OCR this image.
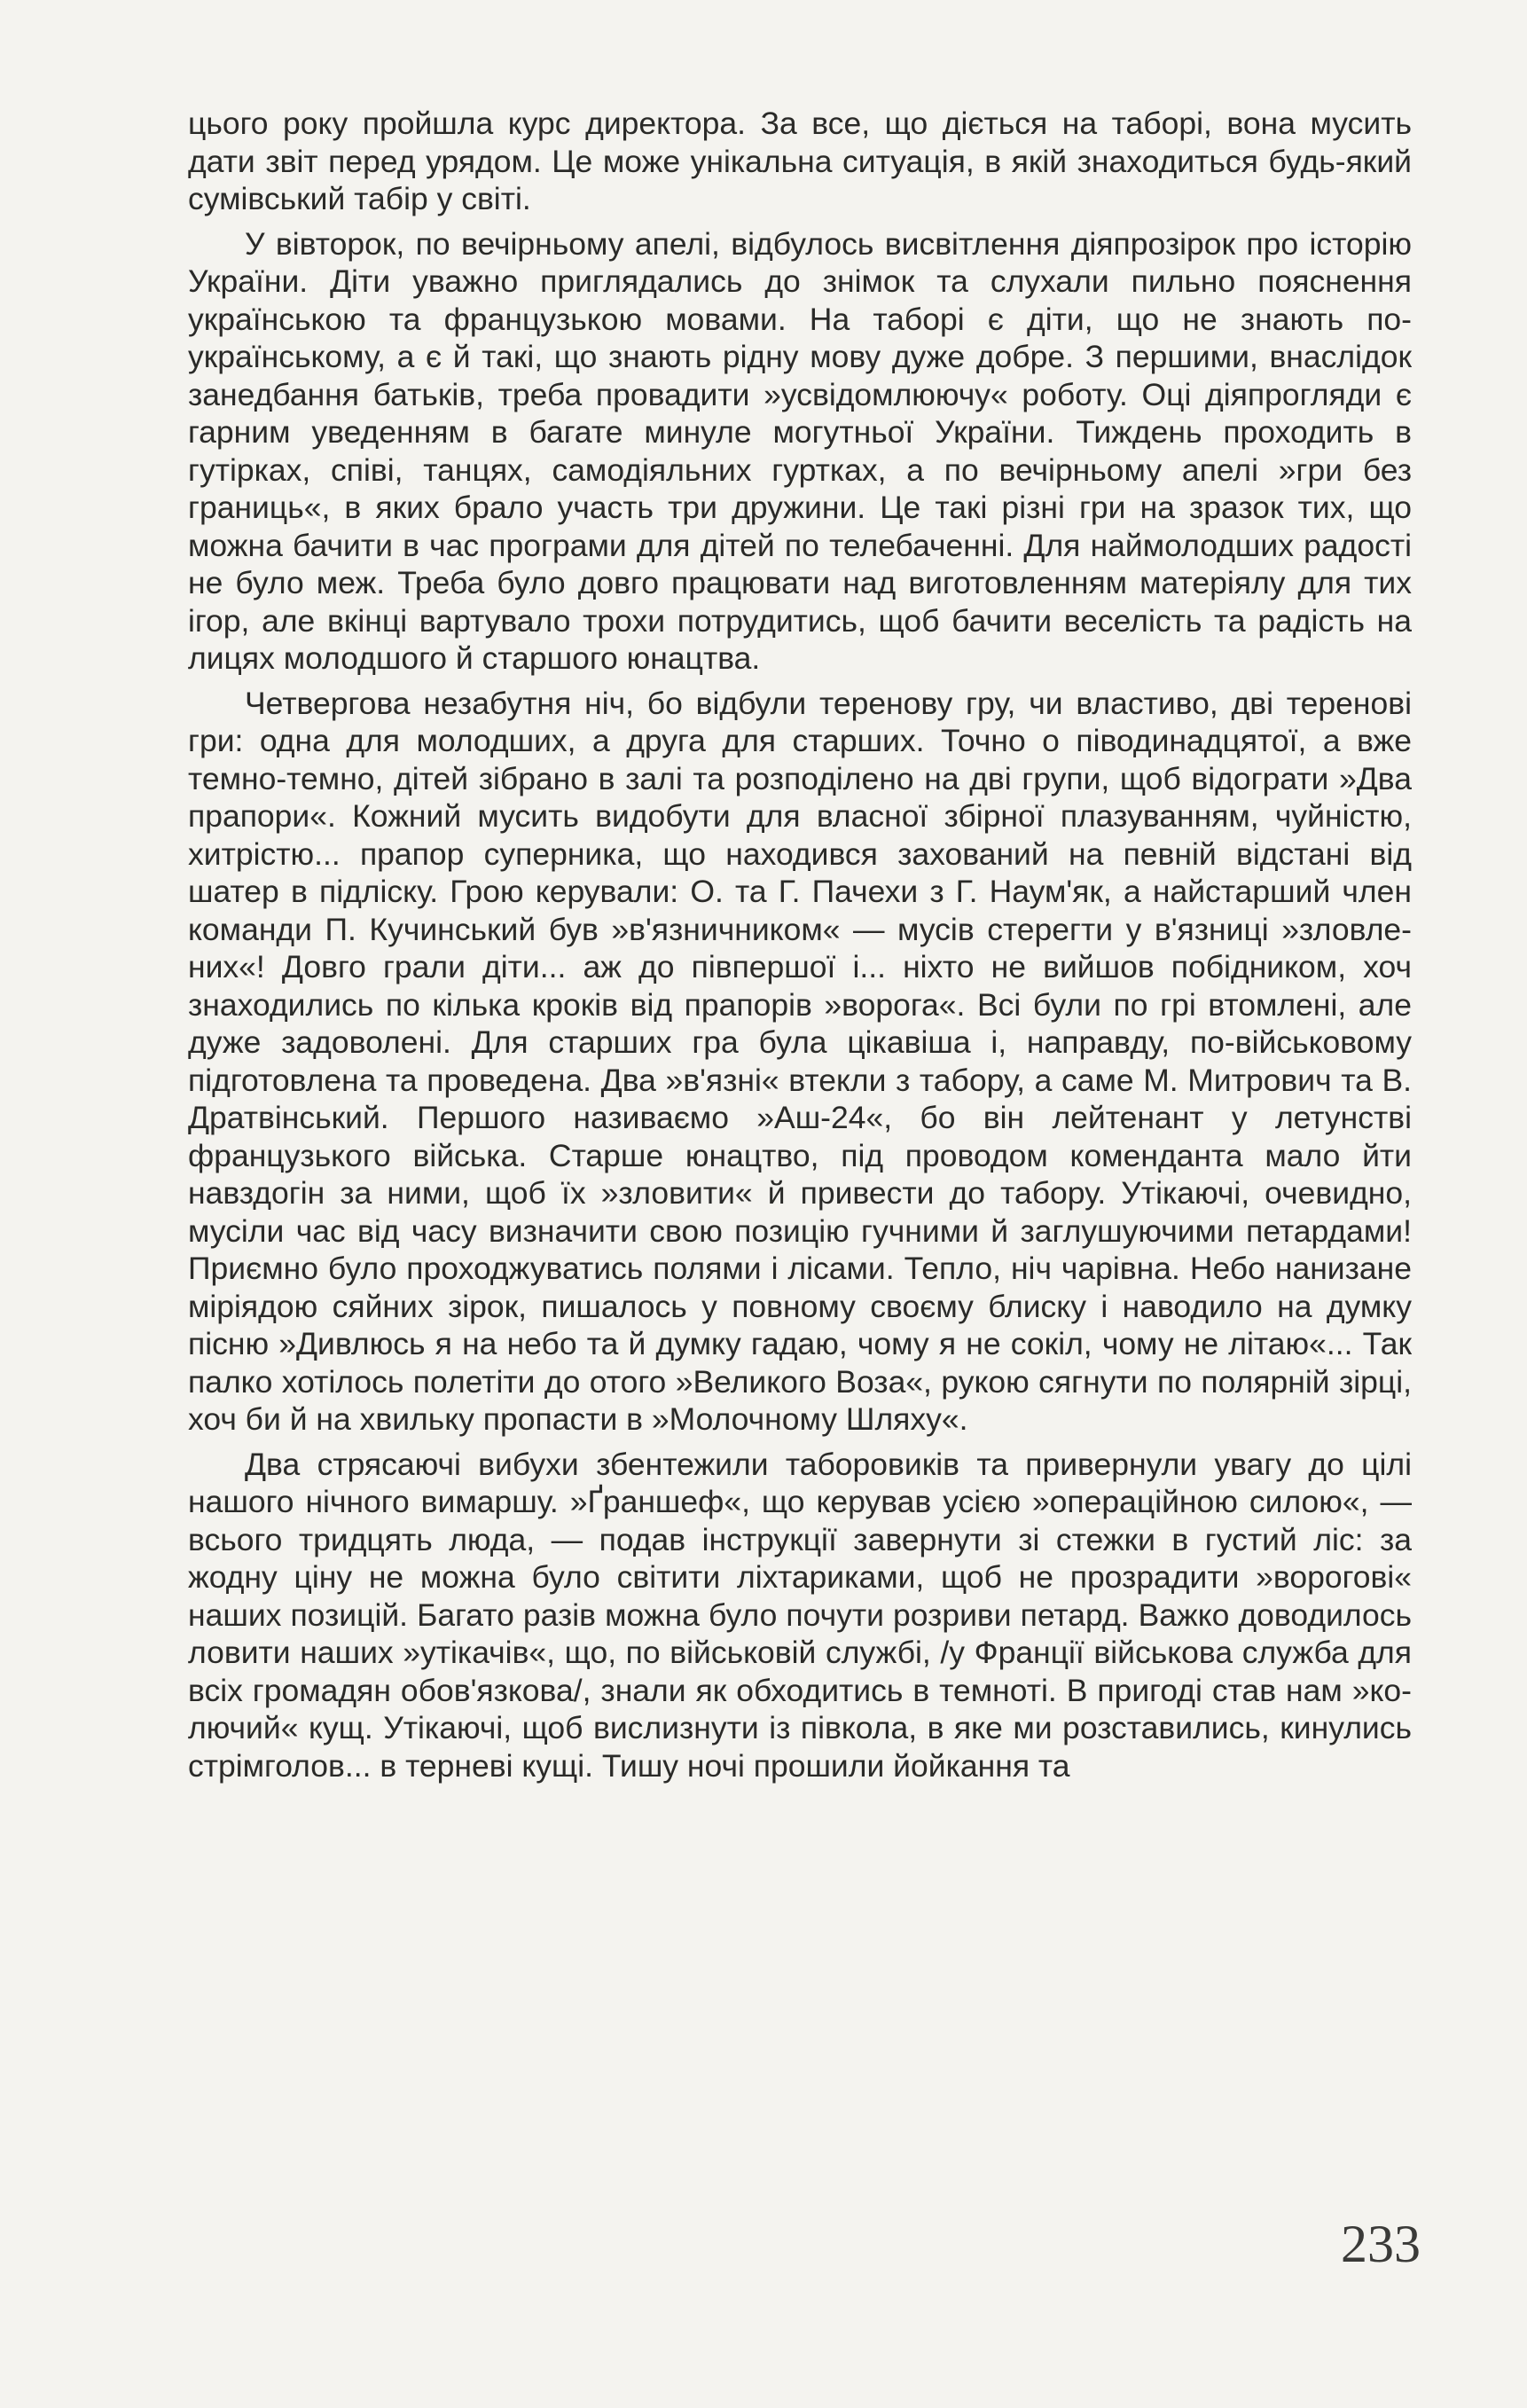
цього року пройшла курс директора. За все, що діється на таборі, вона мусить дати звіт перед урядом. Це може унікальна ситуація, в якій знаходиться будь-який сумівський табір у світі.

У вівторок, по вечірньому апелі, відбулось висвітлення діяпрозірок про історію України. Діти уважно приглядались до знімок та слухали пильно пояснення українською та французькою мовами. На таборі є діти, що не знають по-українському, а є й такі, що знають рідну мову дуже добре. З першими, внаслідок занедбання батьків, треба провадити »усвідомлюючу« роботу. Оці діяпрогляди є гарним уведенням в багате минуле могутньої України. Тиждень проходить в гутірках, співі, танцях, самодіяльних гуртках, а по вечірньому апелі »гри без границь«, в яких брало участь три дружини. Це такі різні гри на зразок тих, що можна бачити в час програми для дітей по телебаченні. Для наймолодших радості не було меж. Треба було довго працювати над виготовленням матеріялу для тих ігор, але вкінці вартувало трохи потрудитись, щоб бачити веселість та радість на лицях молодшого й старшого юнацтва.

Четвергова незабутня ніч, бо відбули теренову гру, чи властиво, дві теренові гри: одна для молодших, а друга для старших. Точно о піводинадцятої, а вже темно-темно, дітей зібрано в залі та розподілено на дві групи, щоб відограти »Два прапори«. Кожний мусить видобути для власної збірної плазуванням, чуйністю, хитрістю... прапор суперника, що находився захований на певній відстані від шатер в підліску. Грою керували: О. та Г. Пачехи з Г. Наум'як, а найстарший член команди П. Кучинський був »в'язничником« — мусів стерегти у в'язниці »зловлених«! Довго грали діти... аж до півпершої і... ніхто не вийшов побідником, хоч знаходились по кілька кроків від прапорів »ворога«. Всі були по грі втомлені, але дуже задоволені. Для старших гра була цікавіша і, направду, по-військовому підготовлена та проведена. Два »в'язні« втекли з табору, а саме М. Митрович та В. Дратвінський. Першого називаємо »Аш-24«, бо він лейтенант у летунстві французького війська. Старше юнацтво, під проводом коменданта мало йти навздогін за ними, щоб їх »зловити« й привести до табору. Утікаючі, очевидно, мусіли час від часу визначити свою позицію гучними й заглушуючими петардами! Приємно було проходжуватись полями і лісами. Тепло, ніч чарівна. Небо нанизане міріядою сяйних зірок, пишалось у повному своєму блиску і наводило на думку пісню »Дивлюсь я на небо та й думку гадаю, чому я не сокіл, чому не літаю«... Так палко хотілось полетіти до отого »Великого Воза«, рукою сягнути по полярній зірці, хоч би й на хвильку пропасти в »Молочному Шляху«.

Два стрясаючі вибухи збентежили таборовиків та привернули увагу до цілі нашого нічного вимаршу. »Ґраншеф«, що керував усією »операційною силою«, — всього тридцять люда, — подав інструкції завернути зі стежки в густий ліс: за жодну ціну не можна було світити ліхтариками, щоб не прозрадити »ворогові« наших позицій. Багато разів можна було почути розриви петард. Важко доводилось ловити наших »утікачів«, що, по військовій службі, /у Франції військова служба для всіх громадян обов'язкова/, знали як обходитись в темноті. В пригоді став нам »колючий« кущ. Утікаючі, щоб вислизнути із півкола, в яке ми розставились, кинулись стрімголов... в терневі кущі. Тишу ночі прошили йойкання та

233
